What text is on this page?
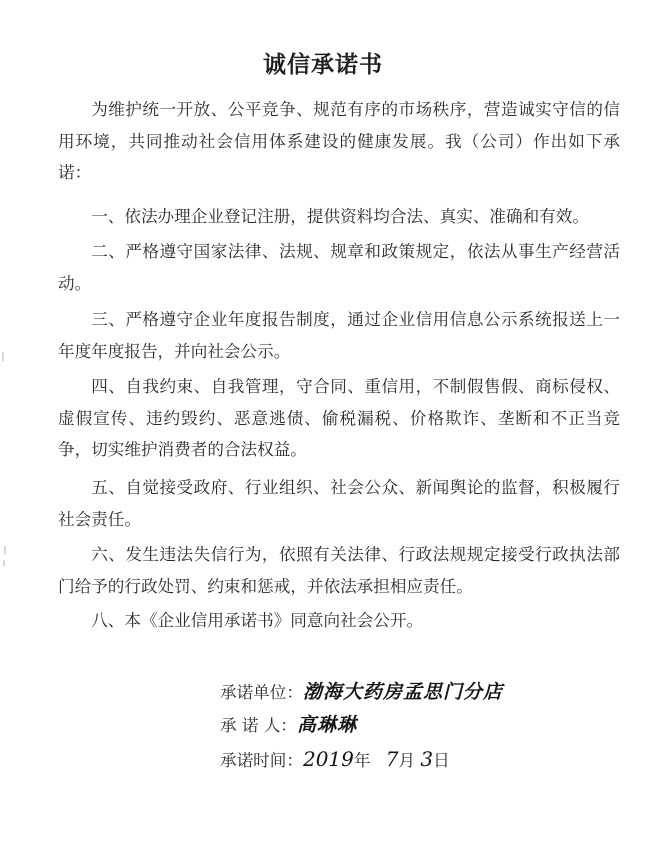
诚信承诺书

为维护统一开放、公平竞争、规范有序的市场秩序，营造诚实守信的信用环境，共同推动社会信用体系建设的健康发展。我（公司）作出如下承诺：

一、依法办理企业登记注册，提供资料均合法、真实、准确和有效。

二、严格遵守国家法律、法规、规章和政策规定，依法从事生产经营活动。

三、严格遵守企业年度报告制度，通过企业信用信息公示系统报送上一年度年度报告，并向社会公示。

四、自我约束、自我管理，守合同、重信用，不制假售假、商标侵权、虚假宣传、违约毁约、恶意逃债、偷税漏税、价格欺诈、垄断和不正当竞争，切实维护消费者的合法权益。

五、自觉接受政府、行业组织、社会公众、新闻舆论的监督，积极履行社会责任。

六、发生违法失信行为，依照有关法律、行政法规规定接受行政执法部门给予的行政处罚、约束和惩戒，并依法承担相应责任。

八、本《企业信用承诺书》同意向社会公开。

承诺单位：渤海大药房孟思门分店
承 诺 人：高琳琳
承诺时间：2019年 7月 3日
